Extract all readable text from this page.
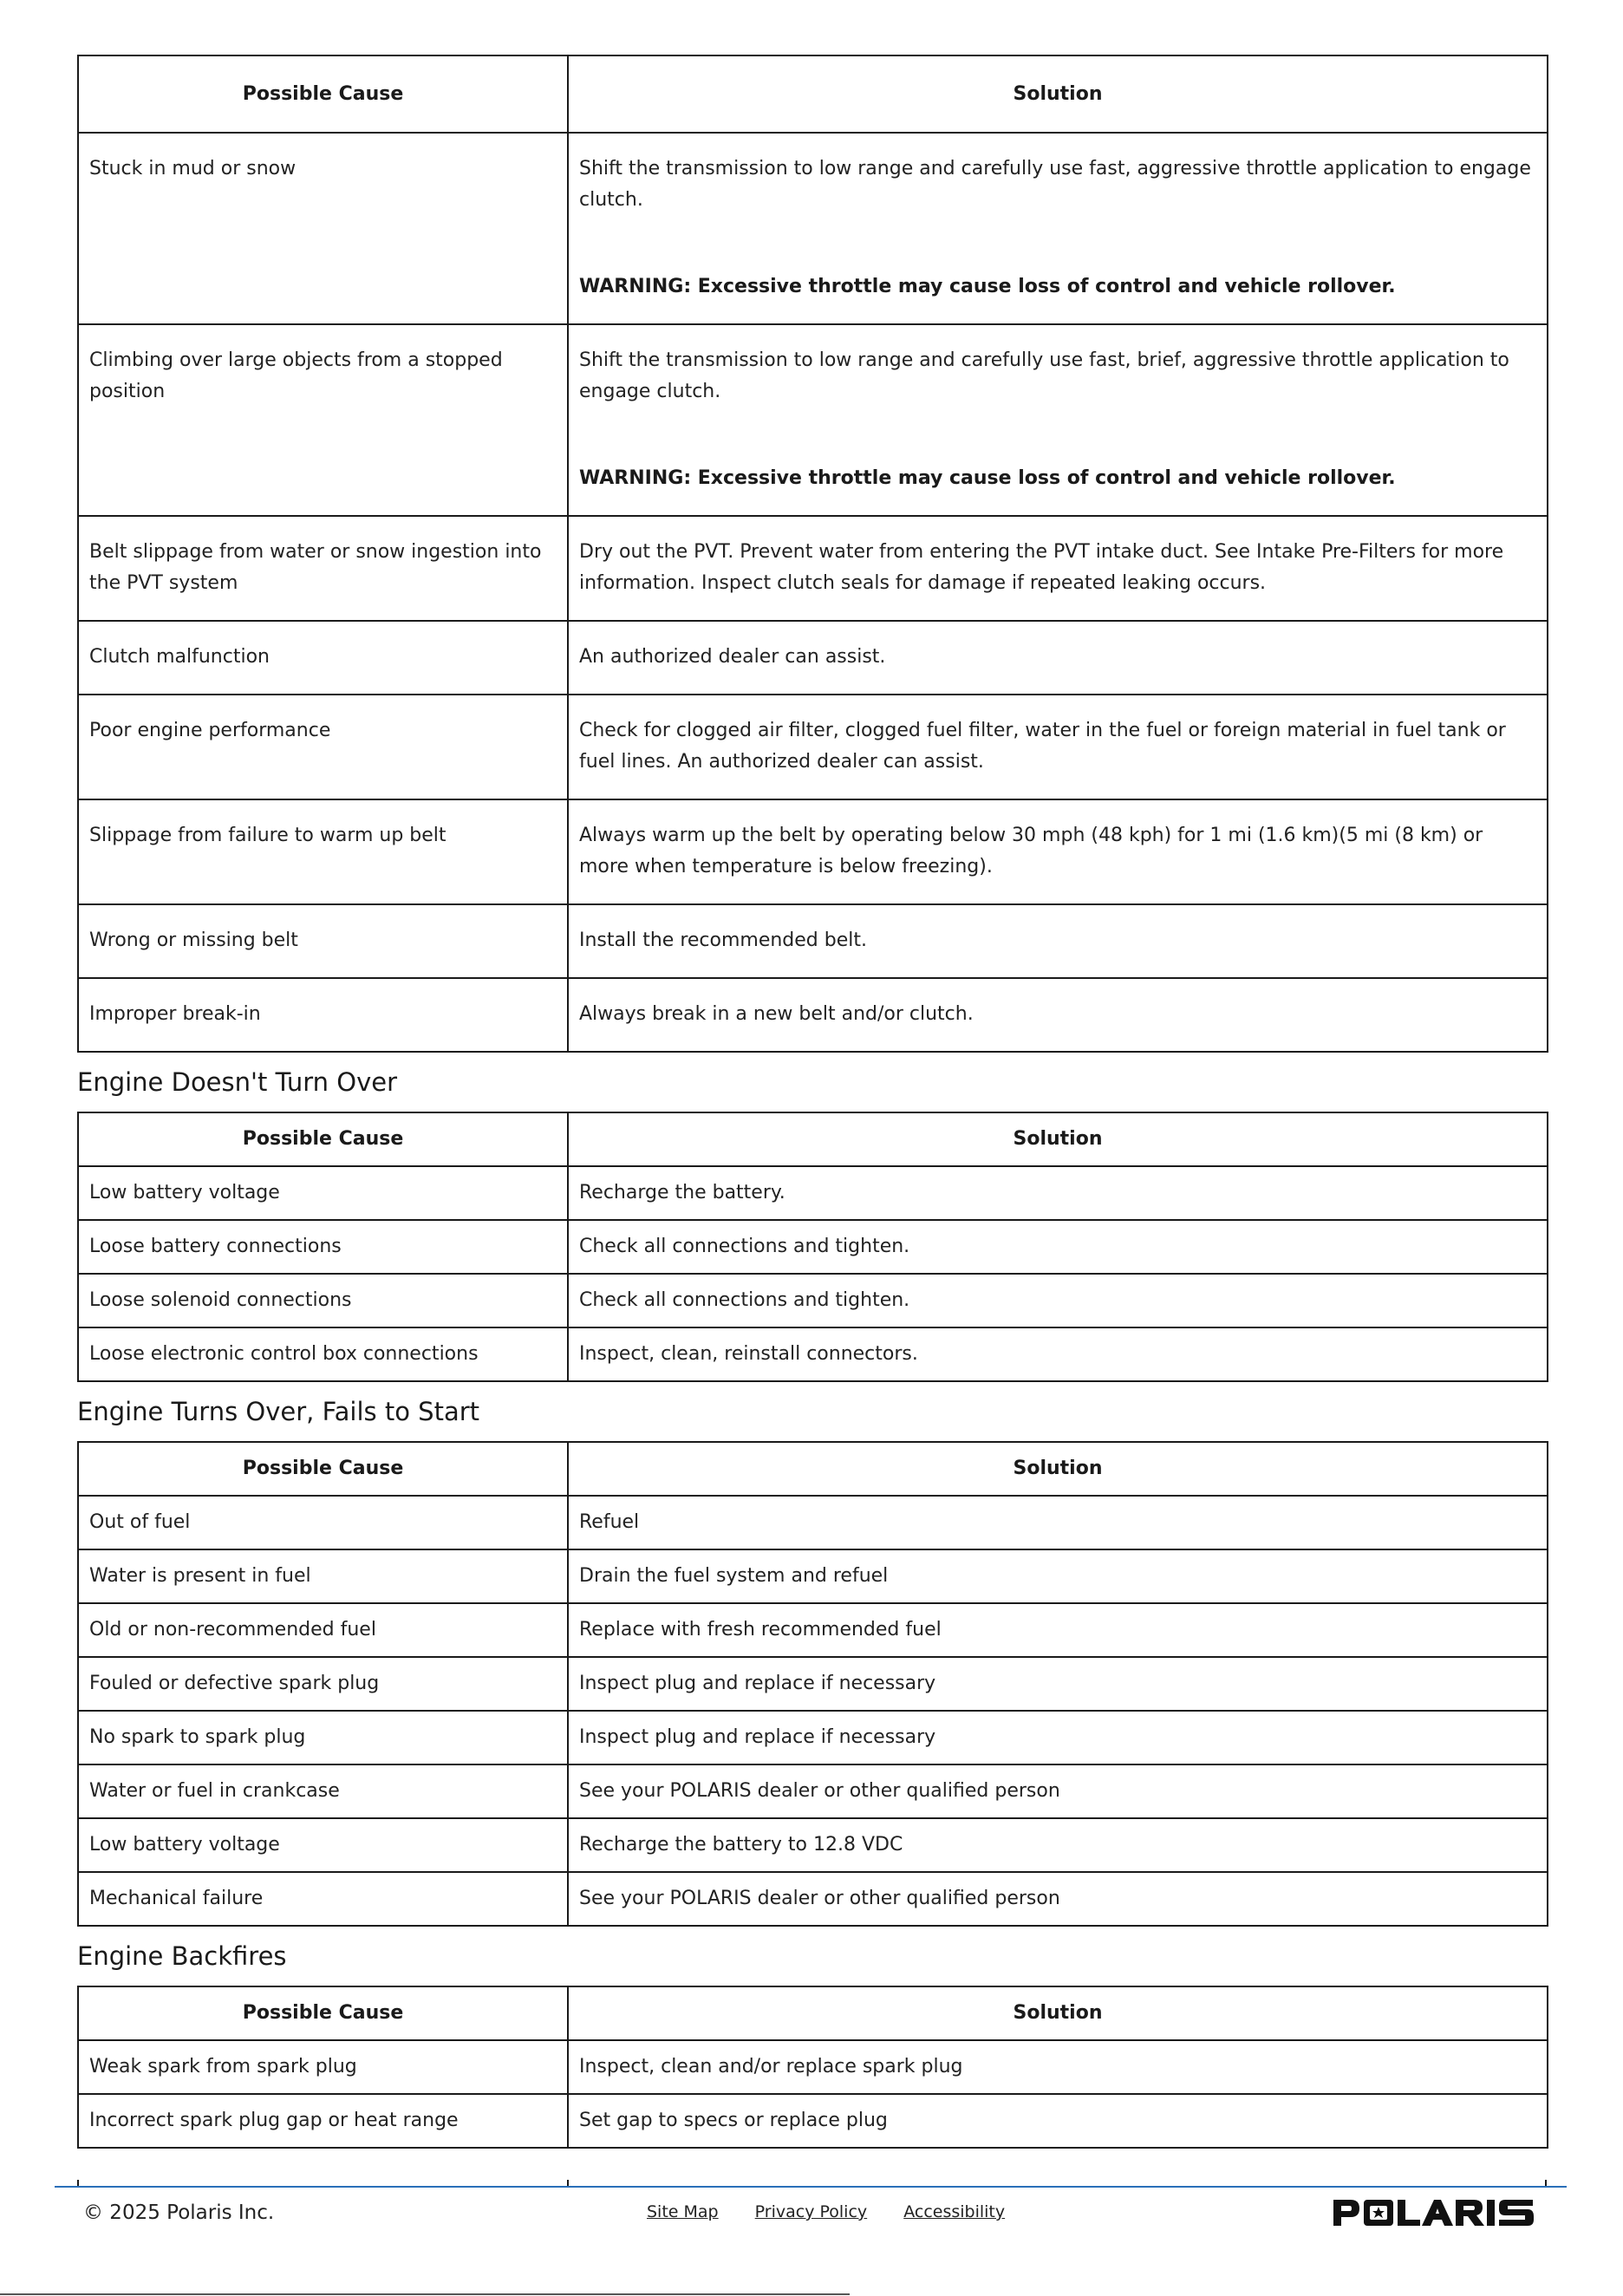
Possible Cause	Solution
Stuck in mud or snow	Shift the transmission to low range and carefully use fast, aggressive throttle application to engage clutch.

WARNING: Excessive throttle may cause loss of control and vehicle rollover.

Climbing over large objects from a stopped position	Shift the transmission to low range and carefully use fast, brief, aggressive throttle application to engage clutch.

WARNING: Excessive throttle may cause loss of control and vehicle rollover.

Belt slippage from water or snow ingestion into the PVT system	Dry out the PVT. Prevent water from entering the PVT intake duct. See Intake Pre-Filters for more information. Inspect clutch seals for damage if repeated leaking occurs.
Clutch malfunction	An authorized dealer can assist.
Poor engine performance	Check for clogged air filter, clogged fuel filter, water in the fuel or foreign material in fuel tank or fuel lines. An authorized dealer can assist.
Slippage from failure to warm up belt	Always warm up the belt by operating below 30 mph (48 kph) for 1 mi (1.6 km)(5 mi (8 km) or more when temperature is below freezing).
Wrong or missing belt	Install the recommended belt.
Improper break-in	Always break in a new belt and/or clutch.
Engine Doesn't Turn Over
Possible Cause	Solution
Low battery voltage	Recharge the battery.
Loose battery connections	Check all connections and tighten.
Loose solenoid connections	Check all connections and tighten.
Loose electronic control box connections	Inspect, clean, reinstall connectors.
Engine Turns Over, Fails to Start
Possible Cause	Solution
Out of fuel	Refuel
Water is present in fuel	Drain the fuel system and refuel
Old or non-recommended fuel	Replace with fresh recommended fuel
Fouled or defective spark plug	Inspect plug and replace if necessary
No spark to spark plug	Inspect plug and replace if necessary
Water or fuel in crankcase	See your POLARIS dealer or other qualified person
Low battery voltage	Recharge the battery to 12.8 VDC
Mechanical failure	See your POLARIS dealer or other qualified person
Engine Backfires
Possible Cause	Solution
Weak spark from spark plug	Inspect, clean and/or replace spark plug
Incorrect spark plug gap or heat range	Set gap to specs or replace plug
© 2025 Polaris Inc.	Site Map Privacy Policy Accessibility
